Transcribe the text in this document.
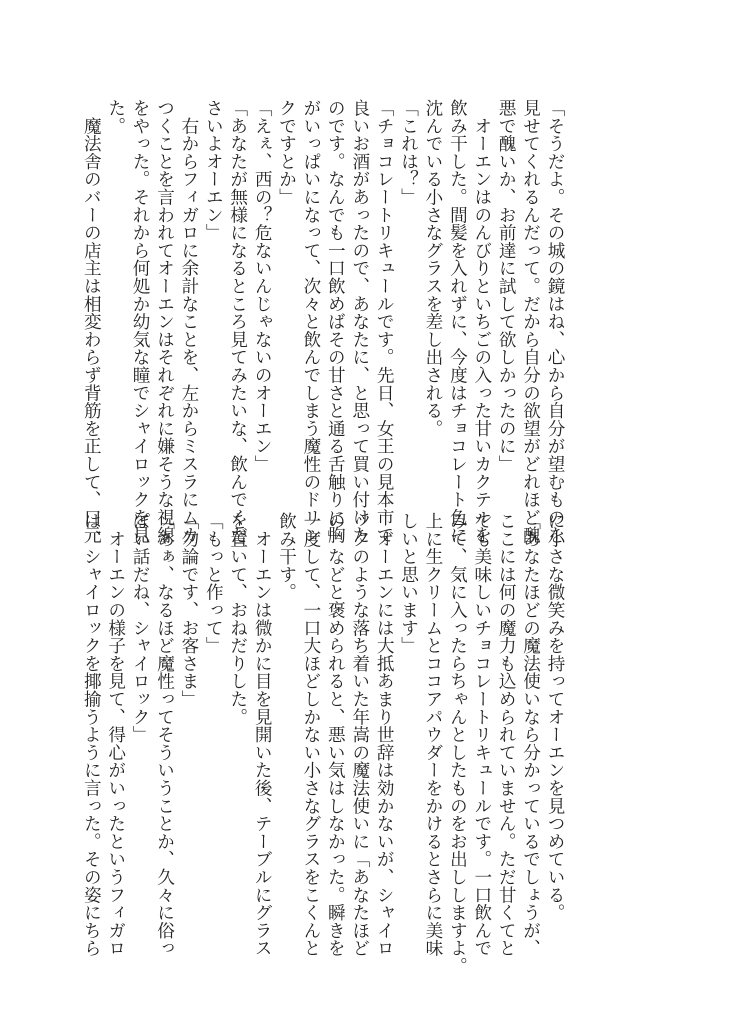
「そうだよ。その城の鏡はね、心から自分が望むものを
見せてくれるんだって。だから自分の欲望がどれほど醜
悪で醜いか、お前達に試して欲しかったのに」
　オーエンはのんびりといちごの入った甘いカクテルを
飲み干した。間髪を入れずに、今度はチョコレート色に
沈んでいる小さなグラスを差し出される。
「これは？」
「チョコレートリキュールです。先日、女王の見本市で
良いお酒があったので、あなたに、と思って買い付けた
のです。なんでも一口飲めばその甘さと通る舌触りに胸
がいっぱいになって、次々と飲んでしまう魔性のドリン
クですとか」
「えぇ、西の？危ないんじゃないのオーエン」
「あなたが無様になるところ見てみたいな、飲んでくだ
さいよオーエン」
　右からフィガロに余計なことを、左からミスラにムカ
つくことを言われてオーエンはそれぞれに嫌そうな視線
をやった。それから何処か幼気な瞳でシャイロックを見
た。
　魔法舎のバーの店主は相変わらず背筋を正して、口元
に小さな微笑みを持ってオーエンを見つめている。
「あなたほどの魔法使いなら分かっているでしょうが、
ここには何の魔力も込められていません。ただ甘くてと
ても美味しいチョコレートリキュールです。一口飲んで
みて、気に入ったらちゃんとしたものをお出ししますよ。
上に生クリームとココアパウダーをかけるとさらに美味
しいと思います」
　オーエンには大抵あまり世辞は効かないが、シャイロ
ックのような落ち着いた年嵩の魔法使いに「あなたほど
の」などと褒められると、悪い気はしなかった。瞬きを
一度して、一口大ほどしかない小さなグラスをこくんと
飲み干す。
　オーエンは微かに目を見開いた後、テーブルにグラス
を置いて、おねだりした。
「もっと作って」
「勿論です、お客さま」
「あぁ、なるほど魔性ってそういうことか、久々に俗っ
ぽい話だね、シャイロック」
　オーエンの様子を見て、得心がいったというフィガロ
は、シャイロックを揶揄うように言った。その姿にちら
